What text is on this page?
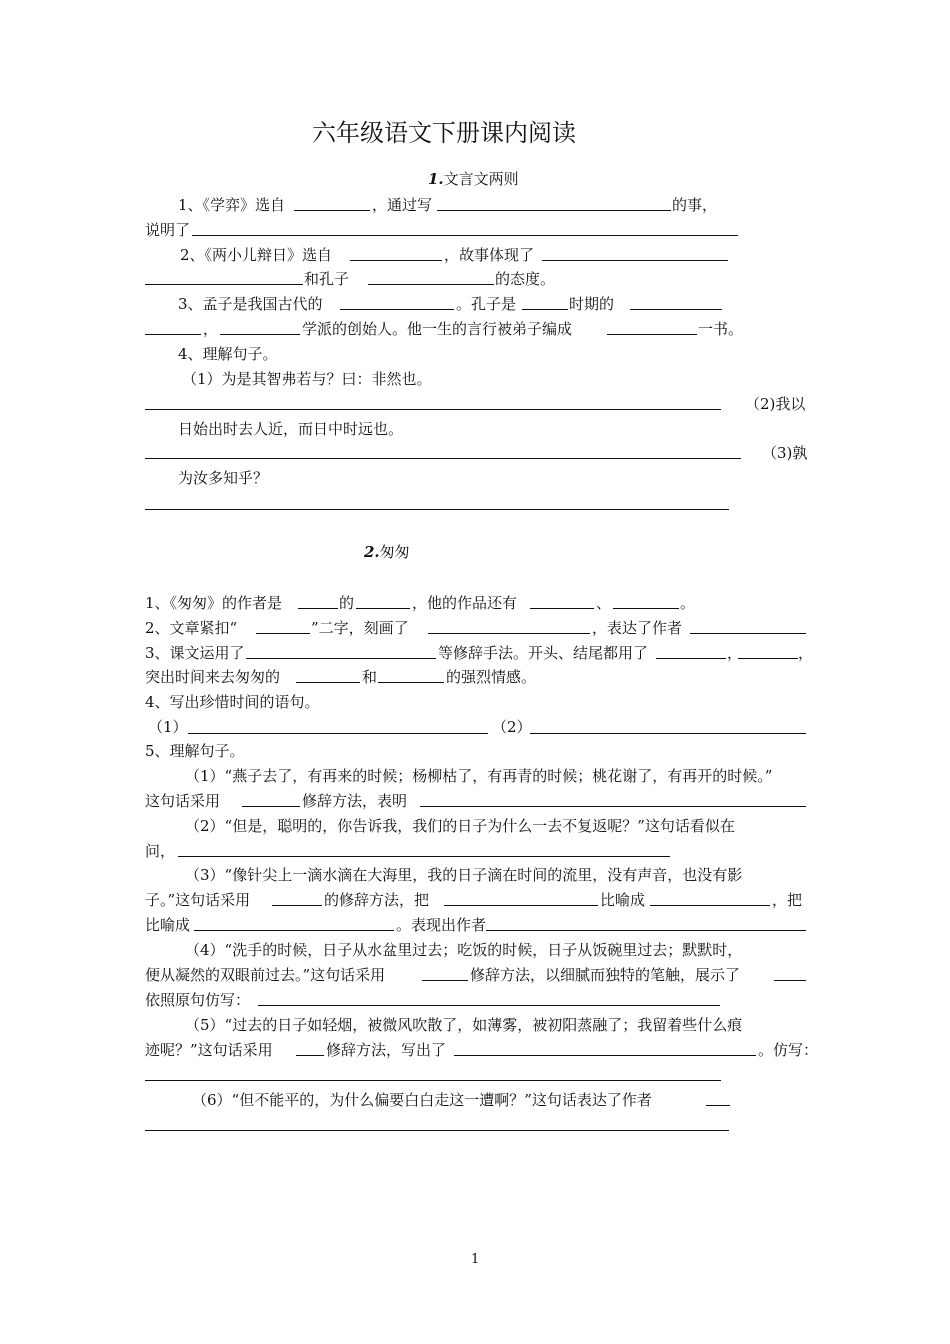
六年级语文下册课内阅读
1.文言文两则
1、《学弈》选自	，通过写	的事，
说明了
2、《两小儿辩日》选自	，故事体现了
和孔子	的态度。
3、孟子是我国古代的	。孔子是	时期的
，	学派的创始人。他一生的言行被弟子编成	一书。
4、理解句子。
（1）为是其智弗若与？曰：非然也。
（2)我以
日始出时去人近，而日中时远也。
（3)孰
为汝多知乎？
2.匆匆
1、《匆匆》的作者是	的	，他的作品还有	、	。
2、文章紧扣“	”二字，刻画了	，表达了作者
3、课文运用了	等修辞手法。开头、结尾都用了	，	，
突出时间来去匆匆的	和	的强烈情感。
4、写出珍惜时间的语句。
（1）	（2）
5、理解句子。
（1）“燕子去了，有再来的时候；杨柳枯了，有再青的时候；桃花谢了，有再开的时候。”
这句话采用	修辞方法，表明
（2）“但是，聪明的，你告诉我，我们的日子为什么一去不复返呢？”这句话看似在
问，
（3）“像针尖上一滴水滴在大海里，我的日子滴在时间的流里，没有声音，也没有影
子。”这句话采用	的修辞方法，把	比喻成	，把
比喻成	。表现出作者
（4）“洗手的时候，日子从水盆里过去；吃饭的时候，日子从饭碗里过去；默默时，
便从凝然的双眼前过去。”这句话采用	修辞方法，以细腻而独特的笔触，展示了
依照原句仿写：
（5）“过去的日子如轻烟，被微风吹散了，如薄雾，被初阳蒸融了；我留着些什么痕
迹呢？”这句话采用	修辞方法，写出了	。仿写：
（6）“但不能平的，为什么偏要白白走这一遭啊？”这句话表达了作者
1
